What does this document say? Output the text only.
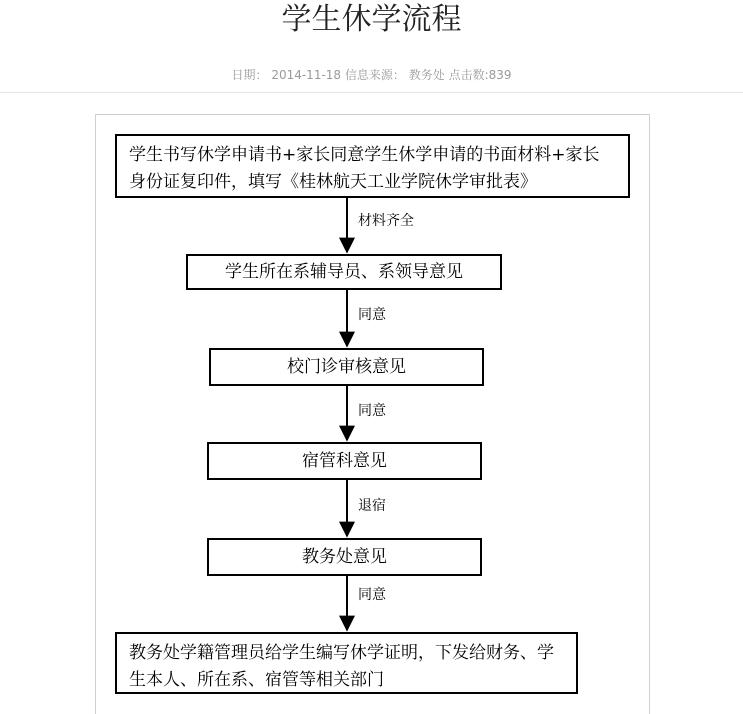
学生休学流程
日期： 2014-11-18 信息来源： 教务处 点击数:839
学生书写休学申请书+家长同意学生休学申请的书面材料+家长身份证复印件，填写《桂林航天工业学院休学审批表》
学生所在系辅导员、系领导意见
校门诊审核意见
宿管科意见
教务处意见
教务处学籍管理员给学生编写休学证明，下发给财务、学生本人、所在系、宿管等相关部门
材料齐全
同意
同意
退宿
同意
